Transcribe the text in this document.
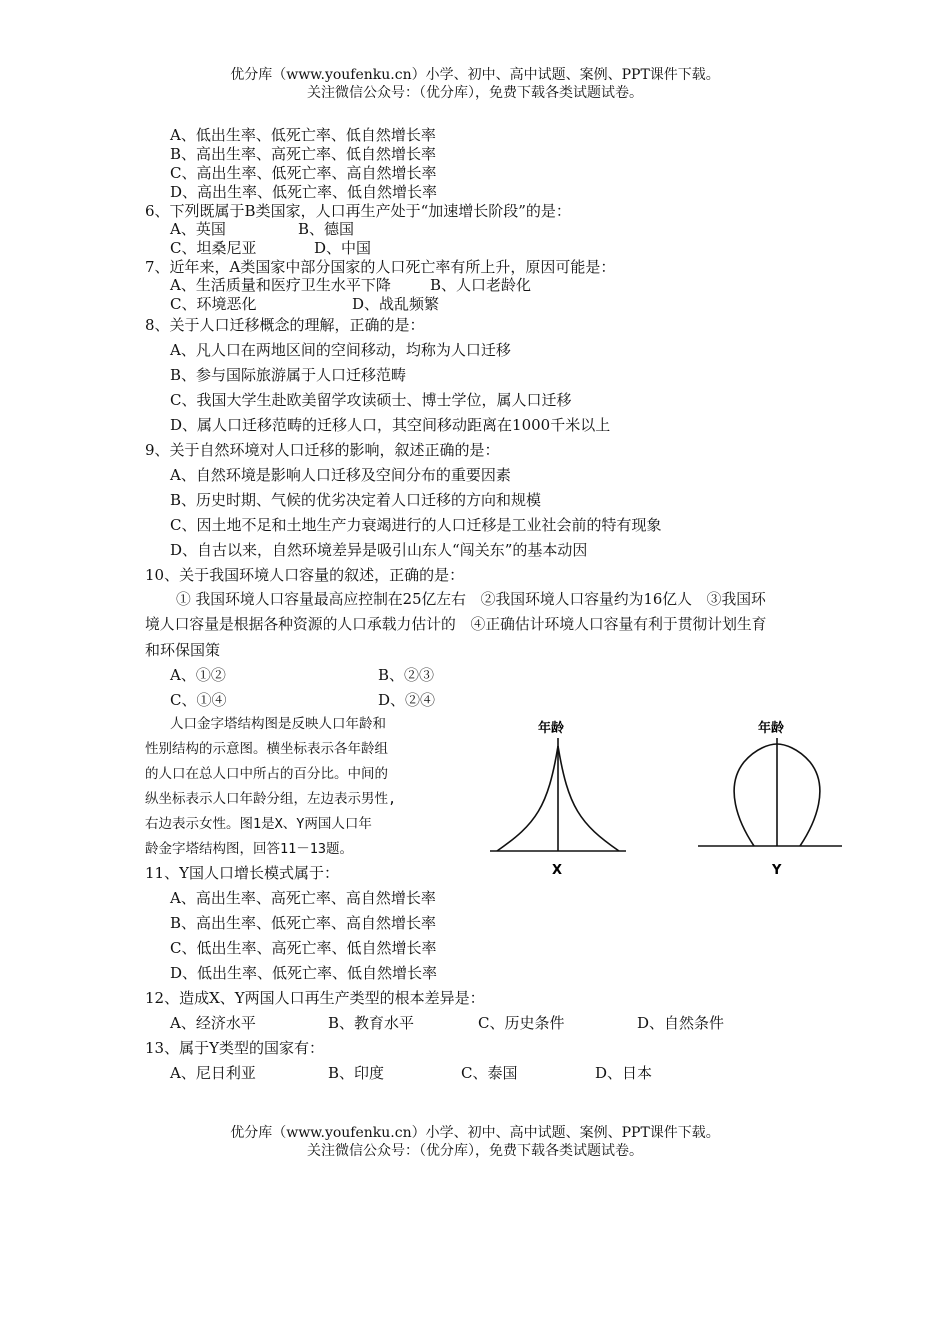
优分库（www.youfenku.cn）小学、初中、高中试题、案例、PPT课件下载。
关注微信公众号：（优分库），免费下载各类试题试卷。
A、低出生率、低死亡率、低自然增长率
B、高出生率、高死亡率、低自然增长率
C、高出生率、低死亡率、高自然增长率
D、高出生率、低死亡率、低自然增长率
6、下列既属于B类国家，人口再生产处于“加速增长阶段”的是：
A、英国	B、德国
C、坦桑尼亚	D、中国
7、近年来，A类国家中部分国家的人口死亡率有所上升，原因可能是：
A、生活质量和医疗卫生水平下降	B、人口老龄化
C、环境恶化	D、战乱频繁
8、关于人口迁移概念的理解，正确的是：
A、凡人口在两地区间的空间移动，均称为人口迁移
B、参与国际旅游属于人口迁移范畴
C、我国大学生赴欧美留学攻读硕士、博士学位，属人口迁移
D、属人口迁移范畴的迁移人口，其空间移动距离在1000千米以上
9、关于自然环境对人口迁移的影响，叙述正确的是：
A、自然环境是影响人口迁移及空间分布的重要因素
B、历史时期、气候的优劣决定着人口迁移的方向和规模
C、因土地不足和土地生产力衰竭进行的人口迁移是工业社会前的特有现象
D、自古以来，自然环境差异是吸引山东人“闯关东”的基本动因
10、关于我国环境人口容量的叙述，正确的是：
① 我国环境人口容量最高应控制在25亿左右　②我国环境人口容量约为16亿人　③我国环
境人口容量是根据各种资源的人口承载力估计的　④正确估计环境人口容量有利于贯彻计划生育
和环保国策
A、①②	B、②③
C、①④	D、②④
人口金字塔结构图是反映人口年龄和
性别结构的示意图。横坐标表示各年龄组
的人口在总人口中所占的百分比。中间的
纵坐标表示人口年龄分组，左边表示男性,
右边表示女性。图1是X、Y两国人口年
龄金字塔结构图，回答11－13题。
年龄
X
年龄
Y
11、Y国人口增长模式属于：
A、高出生率、高死亡率、高自然增长率
B、高出生率、低死亡率、高自然增长率
C、低出生率、高死亡率、低自然增长率
D、低出生率、低死亡率、低自然增长率
12、造成X、Y两国人口再生产类型的根本差异是：
A、经济水平	B、教育水平	C、历史条件	D、自然条件
13、属于Y类型的国家有：
A、尼日利亚	B、印度	C、泰国	D、日本
优分库（www.youfenku.cn）小学、初中、高中试题、案例、PPT课件下载。
关注微信公众号：（优分库），免费下载各类试题试卷。
